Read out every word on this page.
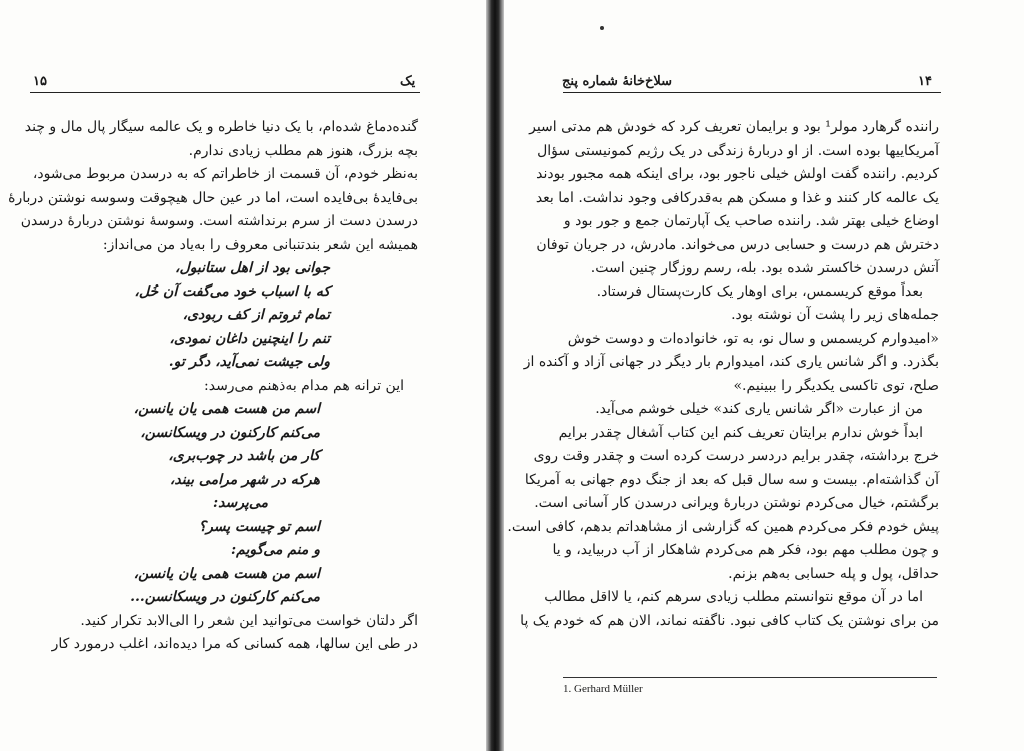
۱۵	یک
گنده‌دماغ شده‌ام، با یک دنیا خاطره و یک عالمه سیگار پال مال و چند
بچه بزرگ، هنوز هم مطلب زیادی ندارم.
به‌نظر خودم، آن قسمت از خاطراتم که به درسدن مربوط می‌شود،
بی‌فایدهٔ بی‌فایده است، اما در عین حال هیچوقت وسوسه نوشتن دربارهٔ
درسدن دست از سرم برنداشته است. وسوسهٔ نوشتن دربارهٔ درسدن
همیشه این شعر بندتنبانی معروف را به‌یاد من می‌انداز:
جوانی بود از اهل ستانبول،
که با اسباب خود می‌گفت آن خُل،
تمام ثروتم از کف ربودی،
تنم را اینچنین داغان نمودی،
ولی جیشت نمی‌آید، دگر تو.
این ترانه هم مدام به‌ذهنم می‌رسد:
اسم من هست همی یان یانسن،
می‌کنم کارکنون در ویسکانسن،
کار من باشد در چوب‌بری،
هرکه در شهر مرامی بیند،
می‌پرسد:
اسم تو چیست پسر؟
و منم می‌گویم:
اسم من هست همی یان یانسن،
می‌کنم کارکنون در ویسکانسن...
اگر دلتان خواست می‌توانید این شعر را الی‌الابد تکرار کنید.
در طی این سالها، همه کسانی که مرا دیده‌اند، اغلب درمورد کار
سلاخ‌خانهٔ شماره پنج	۱۴
راننده گرهارد مولر¹ بود و برایمان تعریف کرد که خودش هم مدتی اسیر
آمریکاییها بوده است. از او دربارهٔ زندگی در یک رژیم کمونیستی سؤال
کردیم. راننده گفت اولش خیلی ناجور بود، برای اینکه همه مجبور بودند
یک عالمه کار کنند و غذا و مسکن هم به‌قدرکافی وجود نداشت. اما بعد
اوضاع خیلی بهتر شد. راننده صاحب یک آپارتمان جمع و جور بود و
دخترش هم درست و حسابی درس می‌خواند. مادرش، در جریان توفان
آتش درسدن خاکستر شده بود. بله، رسم روزگار چنین است.
بعداً موقع کریسمس، برای اوهار یک کارت‌پستال فرستاد.
جمله‌های زیر را پشت آن نوشته بود.
«امیدوارم کریسمس و سال نو، به تو، خانواده‌ات و دوست خوش
بگذرد. و اگر شانس یاری کند، امیدوارم بار دیگر در جهانی آزاد و آکنده از
صلح، توی تاکسی یکدیگر را ببینیم.»
من از عبارت «اگر شانس یاری کند» خیلی خوشم می‌آید.
ابداً خوش ندارم برایتان تعریف کنم این کتاب آشغال چقدر برایم
خرج برداشته، چقدر برایم دردسر درست کرده است و چقدر وقت روی
آن گذاشته‌ام. بیست و سه سال قبل که بعد از جنگ دوم جهانی به آمریکا
برگشتم، خیال می‌کردم نوشتن دربارهٔ ویرانی درسدن کار آسانی است.
پیش خودم فکر می‌کردم همین که گزارشی از مشاهداتم بدهم، کافی است.
و چون مطلب مهم بود، فکر هم می‌کردم شاهکار از آب دربیاید، و یا
حداقل، پول و پله حسابی به‌هم بزنم.
اما در آن موقع نتوانستم مطلب زیادی سرهم کنم، یا لااقل مطالب
من برای نوشتن یک کتاب کافی نبود. ناگفته نماند، الان هم که خودم یک پا
1. Gerhard Müller
